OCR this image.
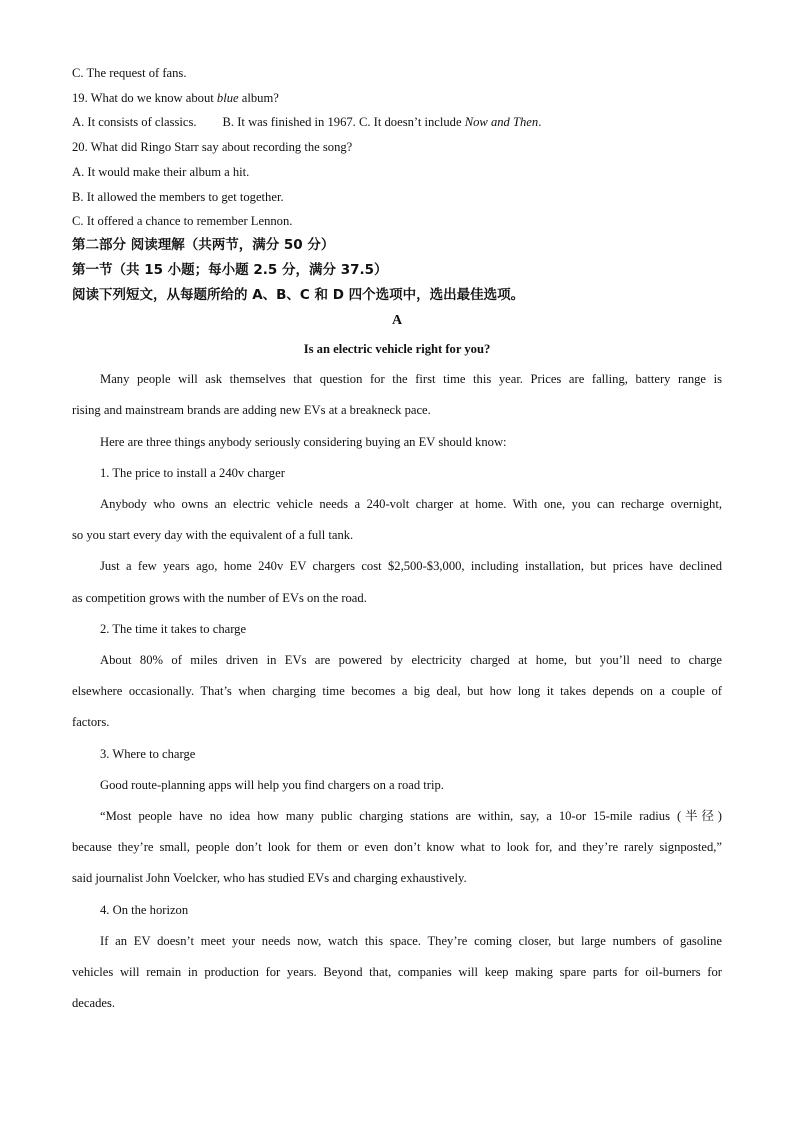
C. The request of fans.
19. What do we know about blue album?
A. It consists of classics. B. It was finished in 1967. C. It doesn’t include Now and Then.
20. What did Ringo Starr say about recording the song?
A. It would make their album a hit.
B. It allowed the members to get together.
C. It offered a chance to remember Lennon.
第二部分 阅读理解（共两节，满分 50 分）
第一节（共 15 小题；每小题 2.5 分，满分 37.5）
阅读下列短文，从每题所给的 A、B、C 和 D 四个选项中，选出最佳选项。
A
Is an electric vehicle right for you?
Many people will ask themselves that question for the first time this year. Prices are falling, battery range is
rising and mainstream brands are adding new EVs at a breakneck pace.
Here are three things anybody seriously considering buying an EV should know:
1. The price to install a 240v charger
Anybody who owns an electric vehicle needs a 240-volt charger at home. With one, you can recharge overnight,
so you start every day with the equivalent of a full tank.
Just a few years ago, home 240v EV chargers cost $2,500-$3,000, including installation, but prices have declined
as competition grows with the number of EVs on the road.
2. The time it takes to charge
About 80% of miles driven in EVs are powered by electricity charged at home, but you’ll need to charge
elsewhere occasionally. That’s when charging time becomes a big deal, but how long it takes depends on a couple of
factors.
3. Where to charge
Good route-planning apps will help you find chargers on a road trip.
“Most people have no idea how many public charging stations are within, say, a 10-or 15-mile radius (半径)
because they’re small, people don’t look for them or even don’t know what to look for, and they’re rarely signposted,”
said journalist John Voelcker, who has studied EVs and charging exhaustively.
4. On the horizon
If an EV doesn’t meet your needs now, watch this space. They’re coming closer, but large numbers of gasoline
vehicles will remain in production for years. Beyond that, companies will keep making spare parts for oil-burners for
decades.
